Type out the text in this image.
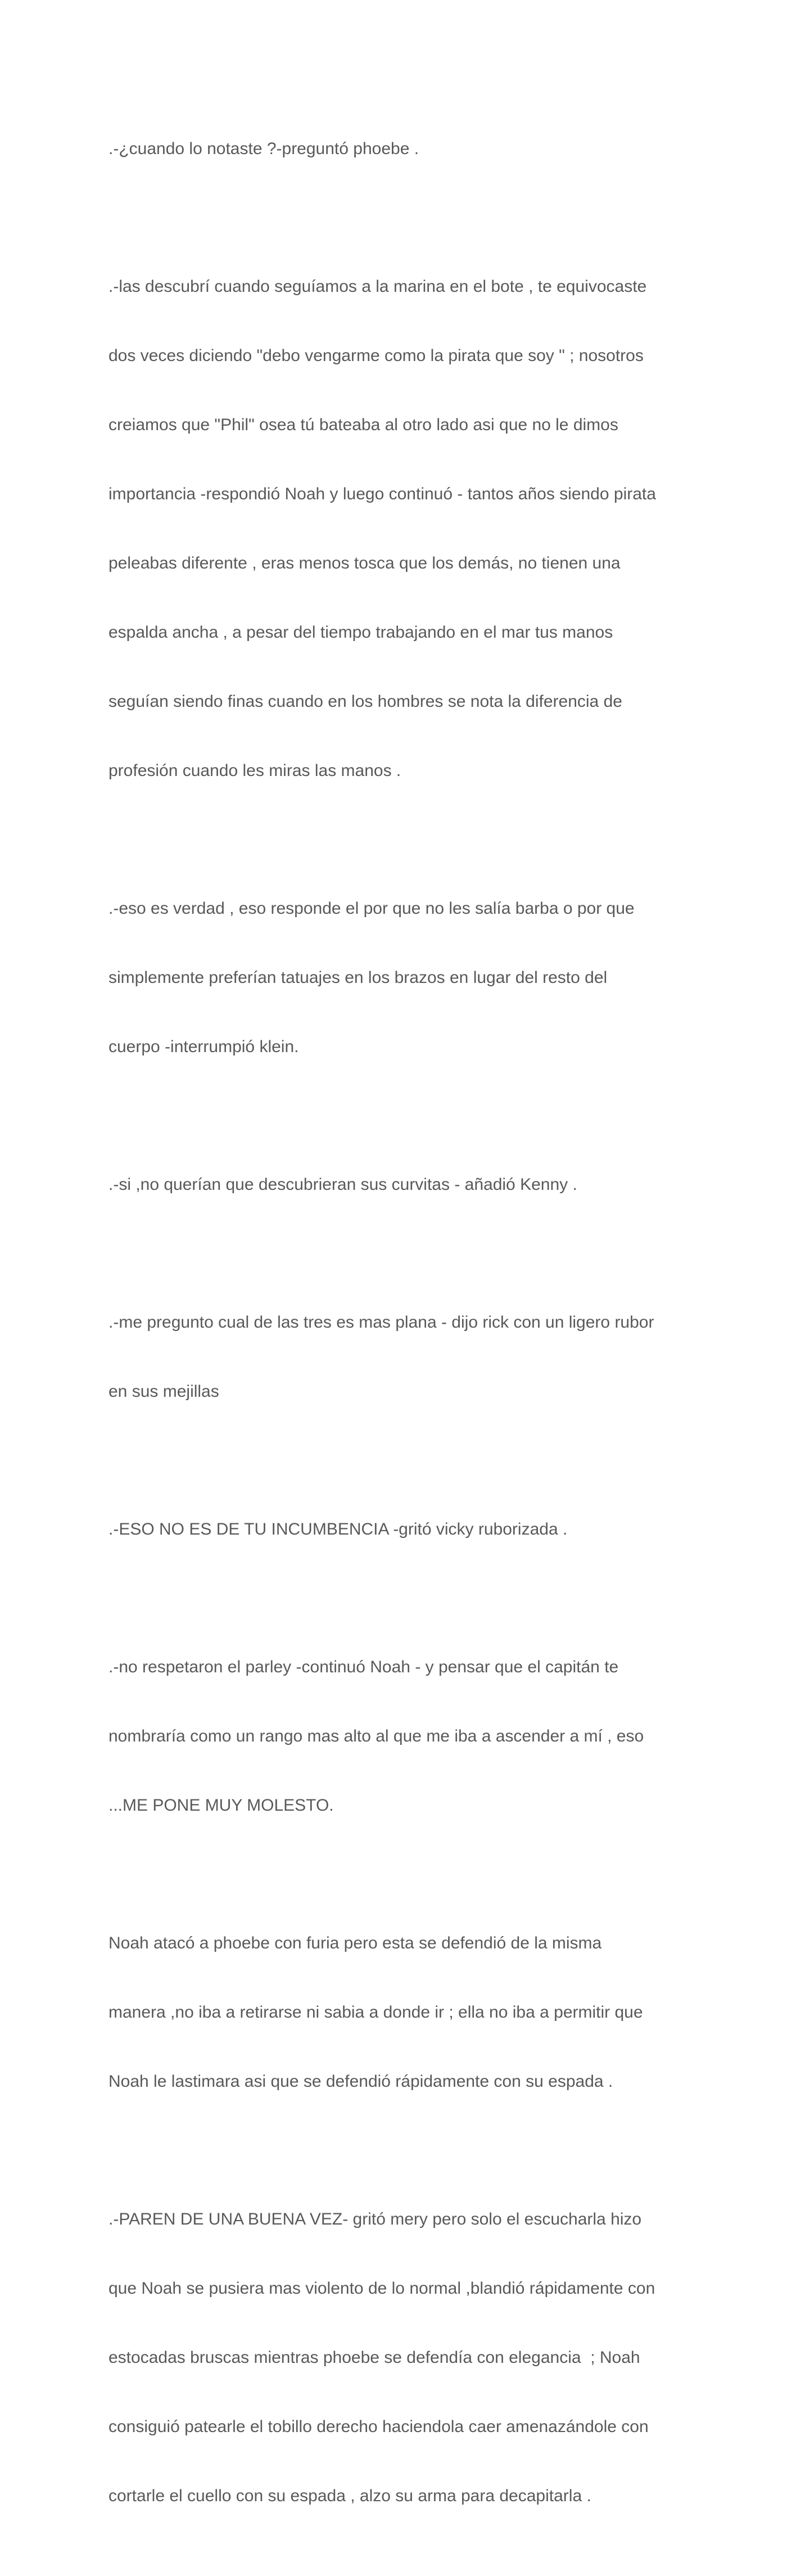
.-¿cuando lo notaste ?-preguntó phoebe .

.-las descubrí cuando seguíamos a la marina en el bote , te equivocaste

dos veces diciendo "debo vengarme como la pirata que soy " ; nosotros

creiamos que "Phil" osea tú bateaba al otro lado asi que no le dimos

importancia -respondió Noah y luego continuó - tantos años siendo pirata

peleabas diferente , eras menos tosca que los demás, no tienen una

espalda ancha , a pesar del tiempo trabajando en el mar tus manos

seguían siendo finas cuando en los hombres se nota la diferencia de

profesión cuando les miras las manos .

.-eso es verdad , eso responde el por que no les salía barba o por que

simplemente preferían tatuajes en los brazos en lugar del resto del

cuerpo -interrumpió klein.

.-si ,no querían que descubrieran sus curvitas - añadió Kenny .

.-me pregunto cual de las tres es mas plana - dijo rick con un ligero rubor

en sus mejillas

.-ESO NO ES DE TU INCUMBENCIA -gritó vicky ruborizada .

.-no respetaron el parley -continuó Noah - y pensar que el capitán te

nombraría como un rango mas alto al que me iba a ascender a mí , eso

...ME PONE MUY MOLESTO.

Noah atacó a phoebe con furia pero esta se defendió de la misma

manera ,no iba a retirarse ni sabia a donde ir ; ella no iba a permitir que

Noah le lastimara asi que se defendió rápidamente con su espada .

.-PAREN DE UNA BUENA VEZ- gritó mery pero solo el escucharla hizo

que Noah se pusiera mas violento de lo normal ,blandió rápidamente con

estocadas bruscas mientras phoebe se defendía con elegancia  ; Noah

consiguió patearle el tobillo derecho haciendola caer amenazándole con

cortarle el cuello con su espada , alzo su arma para decapitarla .
